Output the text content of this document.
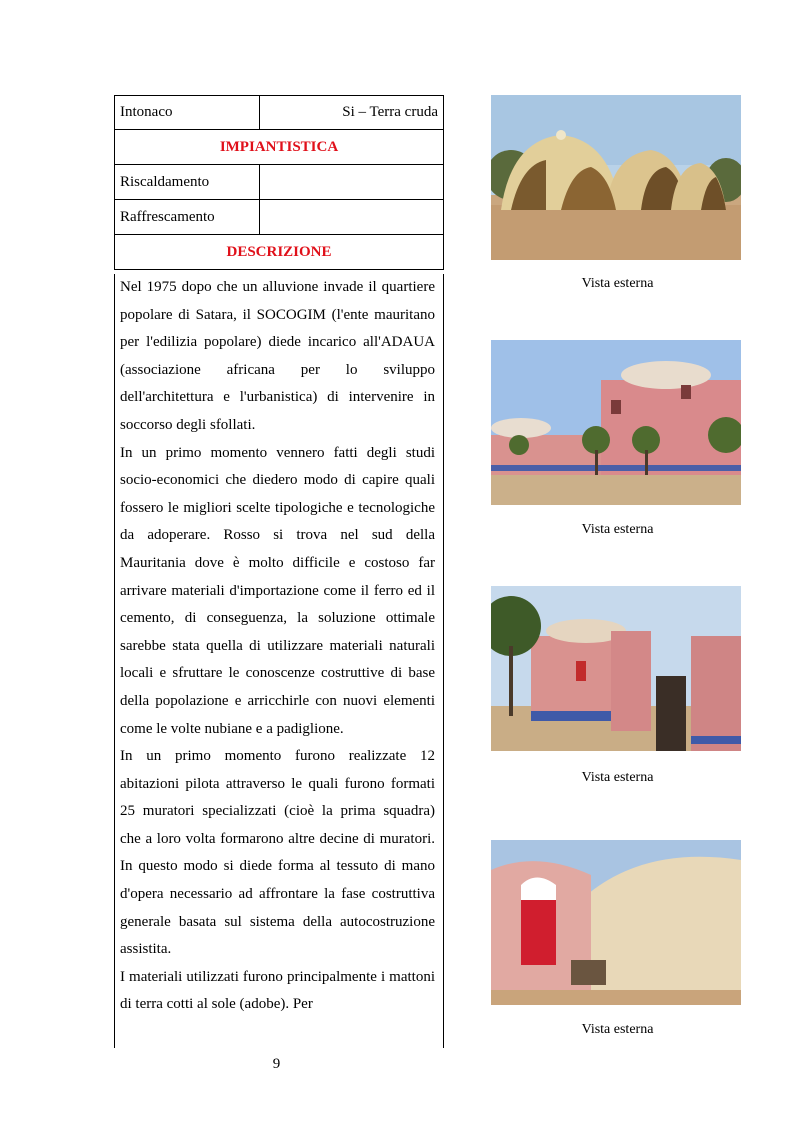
Intonaco	Si – Terra cruda
IMPIANTISTICA
Riscaldamento
Raffrescamento
DESCRIZIONE

Nel 1975 dopo che un alluvione invade il quartiere popolare di Satara, il SOCOGIM (l'ente mauritano per l'edilizia popolare) diede incarico all'ADAUA (associazione africana per lo sviluppo dell'architettura e l'urbanistica) di intervenire in soccorso degli sfollati.

In un primo momento vennero fatti degli studi socio-economici che diedero modo di capire quali fossero le migliori scelte tipologiche e tecnologiche da adoperare. Rosso si trova nel sud della Mauritania dove è molto difficile e costoso far arrivare materiali d'importazione come il ferro ed il cemento, di conseguenza, la soluzione ottimale sarebbe stata quella di utilizzare materiali naturali locali e sfruttare le conoscenze costruttive di base della popolazione e arricchirle con nuovi elementi come le volte nubiane e a padiglione.

In un primo momento furono realizzate 12 abitazioni pilota attraverso le quali furono formati 25 muratori specializzati (cioè la prima squadra) che a loro volta formarono altre decine di muratori. In questo modo si diede forma al tessuto di mano d'opera necessario ad affrontare la fase costruttiva generale basata sul sistema della autocostruzione assistita.

I materiali utilizzati furono principalmente i mattoni di terra cotti al sole (adobe). Per

9
Vista esterna
Vista esterna
Vista esterna
Vista esterna
